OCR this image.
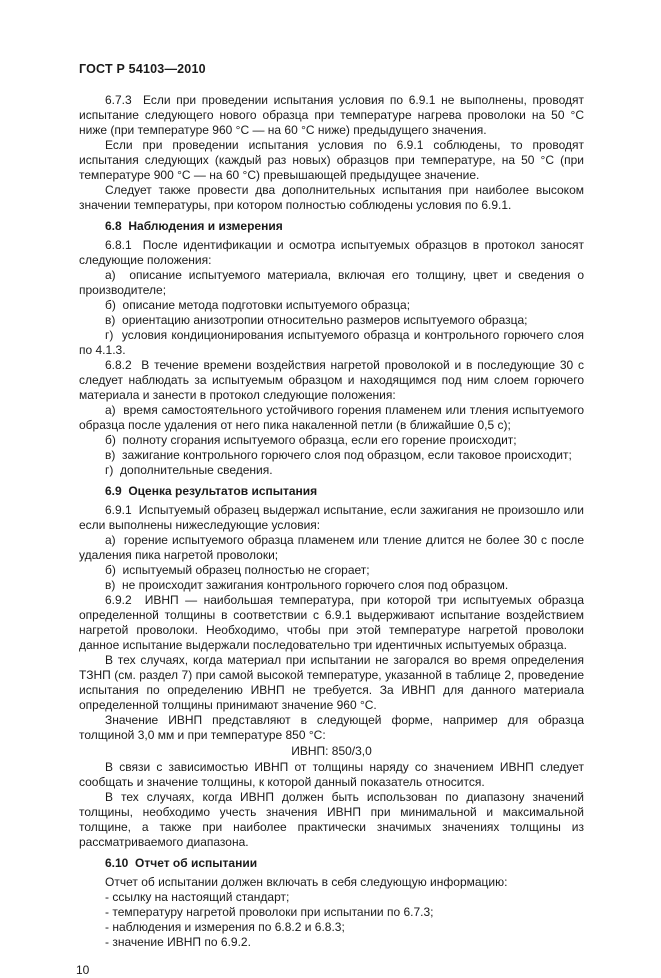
ГОСТ Р 54103—2010

6.7.3  Если при проведении испытания условия по 6.9.1 не выполнены, проводят испытание следующего нового образца при температуре нагрева проволоки на 50 °С ниже (при температуре 960 °С — на 60 °С ниже) предыдущего значения.

Если при проведении испытания условия по 6.9.1 соблюдены, то проводят испытания следующих (каждый раз новых) образцов при температуре, на 50 °С (при температуре 900 °С — на 60 °С) превышающей предыдущее значение.

Следует также провести два дополнительных испытания при наиболее высоком значении температуры, при котором полностью соблюдены условия по 6.9.1.

6.8  Наблюдения и измерения

6.8.1  После идентификации и осмотра испытуемых образцов в протокол заносят следующие положения:

а)  описание испытуемого материала, включая его толщину, цвет и сведения о производителе;

б)  описание метода подготовки испытуемого образца;

в)  ориентацию анизотропии относительно размеров испытуемого образца;

г)  условия кондиционирования испытуемого образца и контрольного горючего слоя по 4.1.3.

6.8.2  В течение времени воздействия нагретой проволокой и в последующие 30 с следует наблюдать за испытуемым образцом и находящимся под ним слоем горючего материала и занести в протокол следующие положения:

а)  время самостоятельного устойчивого горения пламенем или тления испытуемого образца после удаления от него пика накаленной петли (в ближайшие 0,5 с);

б)  полноту сгорания испытуемого образца, если его горение происходит;

в)  зажигание контрольного горючего слоя под образцом, если таковое происходит;

г)  дополнительные сведения.

6.9  Оценка результатов испытания

6.9.1  Испытуемый образец выдержал испытание, если зажигания не произошло или если выполнены нижеследующие условия:

а)  горение испытуемого образца пламенем или тление длится не более 30 с после удаления пика нагретой проволоки;

б)  испытуемый образец полностью не сгорает;

в)  не происходит зажигания контрольного горючего слоя под образцом.

6.9.2  ИВНП — наибольшая температура, при которой три испытуемых образца определенной толщины в соответствии с 6.9.1 выдерживают испытание воздействием нагретой проволоки. Необходимо, чтобы при этой температуре нагретой проволоки данное испытание выдержали последовательно три идентичных испытуемых образца.

В тех случаях, когда материал при испытании не загорался во время определения ТЗНП (см. раздел 7) при самой высокой температуре, указанной в таблице 2, проведение испытания по определению ИВНП не требуется. За ИВНП для данного материала определенной толщины принимают значение 960 °С.

Значение ИВНП представляют в следующей форме, например для образца толщиной 3,0 мм и при температуре 850 °С:

ИВНП: 850/3,0

В связи с зависимостью ИВНП от толщины наряду со значением ИВНП следует сообщать и значение толщины, к которой данный показатель относится.

В тех случаях, когда ИВНП должен быть использован по диапазону значений толщины, необходимо учесть значения ИВНП при минимальной и максимальной толщине, а также при наиболее практически значимых значениях толщины из рассматриваемого диапазона.

6.10  Отчет об испытании

Отчет об испытании должен включать в себя следующую информацию:

- ссылку на настоящий стандарт;

- температуру нагретой проволоки при испытании по 6.7.3;

- наблюдения и измерения по 6.8.2 и 6.8.3;

- значение ИВНП по 6.9.2.

10
